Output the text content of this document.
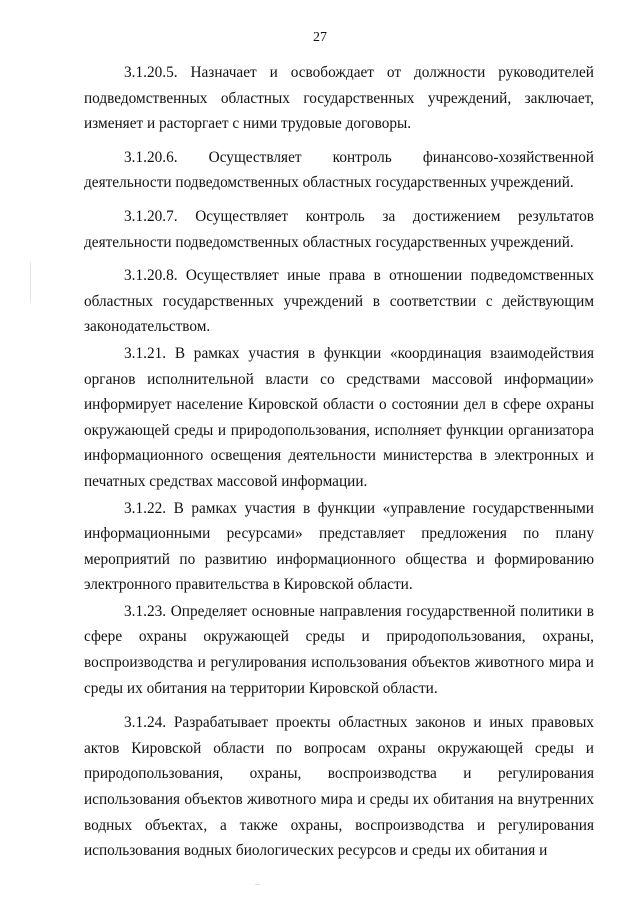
27

3.1.20.5. Назначает и освобождает от должности руководителей подведомственных областных государственных учреждений, заключает, изменяет и расторгает с ними трудовые договоры.

3.1.20.6. Осуществляет контроль финансово-хозяйственной деятельности подведомственных областных государственных учреждений.

3.1.20.7. Осуществляет контроль за достижением результатов деятельности подведомственных областных государственных учреждений.

3.1.20.8. Осуществляет иные права в отношении подведомственных областных государственных учреждений в соответствии с действующим законодательством.

3.1.21. В рамках участия в функции «координация взаимодействия органов исполнительной власти со средствами массовой информации» информирует население Кировской области о состоянии дел в сфере охраны окружающей среды и природопользования, исполняет функции организатора информационного освещения деятельности министерства в электронных и печатных средствах массовой информации.

3.1.22. В рамках участия в функции «управление государственными информационными ресурсами» представляет предложения по плану мероприятий по развитию информационного общества и формированию электронного правительства в Кировской области.

3.1.23. Определяет основные направления государственной политики в сфере охраны окружающей среды и природопользования, охраны, воспроизводства и регулирования использования объектов животного мира и среды их обитания на территории Кировской области.

3.1.24. Разрабатывает проекты областных законов и иных правовых актов Кировской области по вопросам охраны окружающей среды и природопользования, охраны, воспроизводства и регулирования использования объектов животного мира и среды их обитания на внутренних водных объектах, а также охраны, воспроизводства и регулирования использования водных биологических ресурсов и среды их обитания и
